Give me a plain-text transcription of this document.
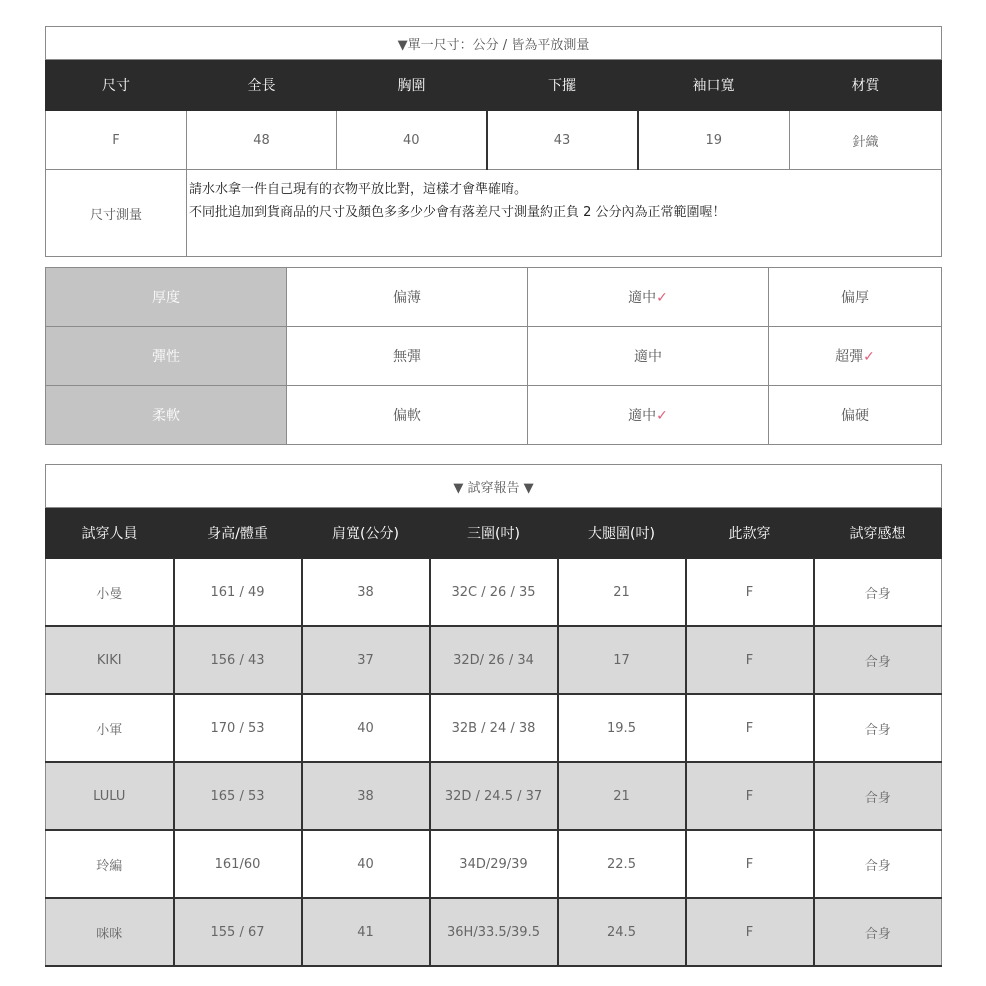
▼單一尺寸：公分 / 皆為平放測量					
尺寸	全長	胸圍	下擺	袖口寬	材質
F	48	40	43	19	針織
尺寸測量	請水水拿一件自己現有的衣物平放比對，這樣才會準確唷。
不同批追加到貨商品的尺寸及顏色多多少少會有落差尺寸測量約正負 2 公分內為正常範圍喔！				
厚度	偏薄	適中✓	偏厚
彈性	無彈	適中	超彈✓
柔軟	偏軟	適中✓	偏硬
▼ 試穿報告 ▼						
試穿人員	身高/體重	肩寬(公分)	三圍(吋)	大腿圍(吋)	此款穿	試穿感想
小曼	161 / 49	38	32C / 26 / 35	21	F	合身
KIKI	156 / 43	37	32D/ 26 / 34	17	F	合身
小軍	170 / 53	40	32B / 24 / 38	19.5	F	合身
LULU	165 / 53	38	32D / 24.5 / 37	21	F	合身
玲編	161/60	40	34D/29/39	22.5	F	合身
咪咪	155 / 67	41	36H/33.5/39.5	24.5	F	合身
